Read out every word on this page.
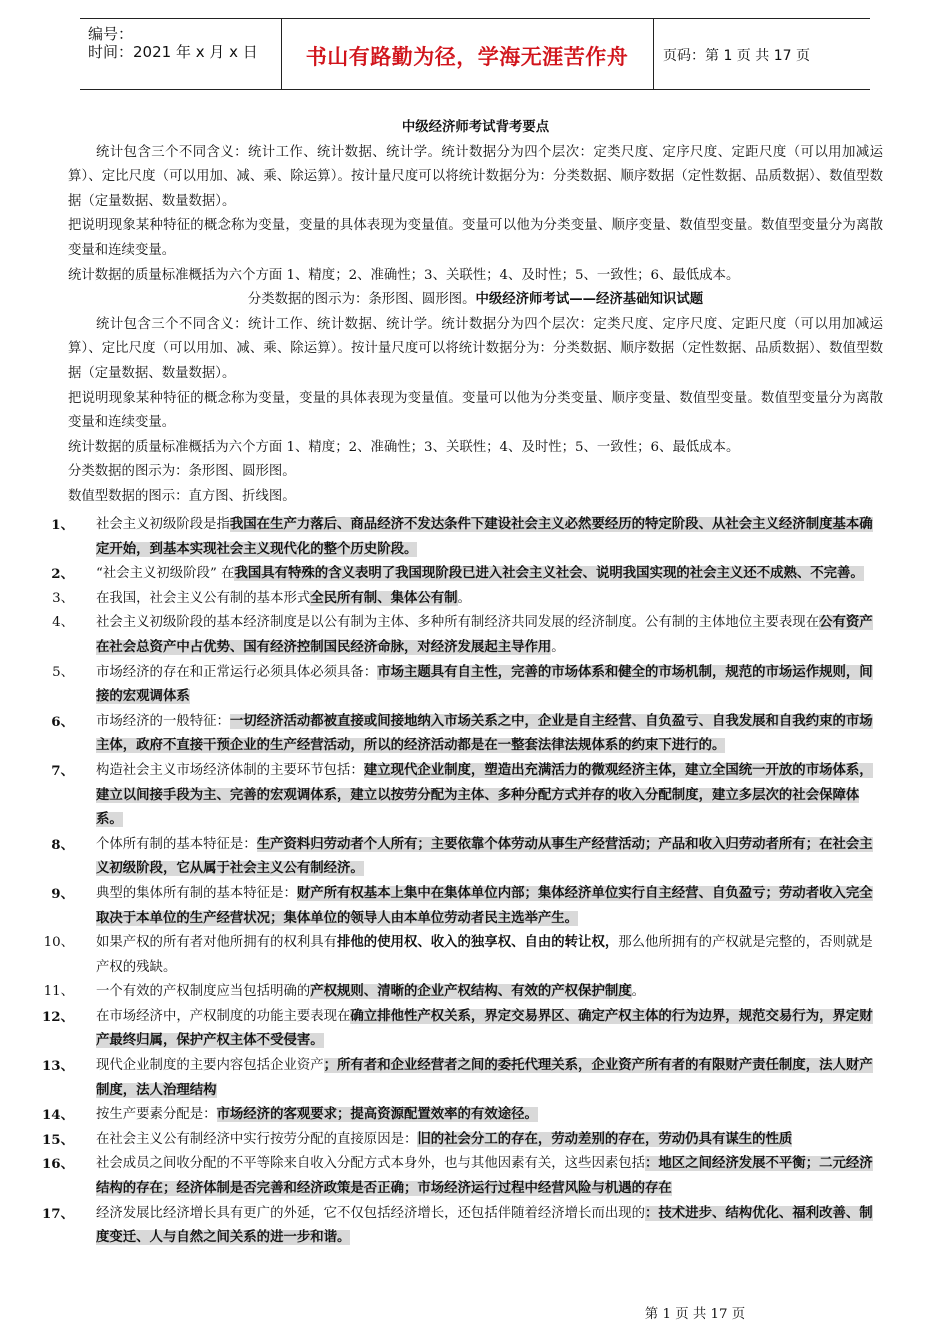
编号：
时间：2021 年 x 月 x 日	书山有路勤为径，学海无涯苦作舟	页码：第 1 页 共 17 页
中级经济师考试背考要点

统计包含三个不同含义：统计工作、统计数据、统计学。统计数据分为四个层次：定类尺度、定序尺度、定距尺度（可以用加减运算）、定比尺度（可以用加、减、乘、除运算）。按计量尺度可以将统计数据分为：分类数据、顺序数据（定性数据、品质数据）、数值型数据（定量数据、数量数据）。

把说明现象某种特征的概念称为变量，变量的具体表现为变量值。变量可以他为分类变量、顺序变量、数值型变量。数值型变量分为离散变量和连续变量。

统计数据的质量标准概括为六个方面 1、精度；2、准确性；3、关联性；4、及时性；5、一致性；6、最低成本。

分类数据的图示为：条形图、圆形图。中级经济师考试——经济基础知识试题

统计包含三个不同含义：统计工作、统计数据、统计学。统计数据分为四个层次：定类尺度、定序尺度、定距尺度（可以用加减运算）、定比尺度（可以用加、减、乘、除运算）。按计量尺度可以将统计数据分为：分类数据、顺序数据（定性数据、品质数据）、数值型数据（定量数据、数量数据）。

把说明现象某种特征的概念称为变量，变量的具体表现为变量值。变量可以他为分类变量、顺序变量、数值型变量。数值型变量分为离散变量和连续变量。

统计数据的质量标准概括为六个方面 1、精度；2、准确性；3、关联性；4、及时性；5、一致性；6、最低成本。

分类数据的图示为：条形图、圆形图。

数值型数据的图示：直方图、折线图。

1、 社会主义初级阶段是指我国在生产力落后、商品经济不发达条件下建设社会主义必然要经历的特定阶段、从社会主义经济制度基本确定开始，到基本实现社会主义现代化的整个历史阶段。
2、 “社会主义初级阶段” 在我国具有特殊的含义表明了我国现阶段已进入社会主义社会、说明我国实现的社会主义还不成熟、不完善。
3、 在我国，社会主义公有制的基本形式全民所有制、集体公有制。
4、 社会主义初级阶段的基本经济制度是以公有制为主体、多种所有制经济共同发展的经济制度。公有制的主体地位主要表现在公有资产在社会总资产中占优势、国有经济控制国民经济命脉，对经济发展起主导作用。
5、 市场经济的存在和正常运行必须具体必须具备：市场主题具有自主性，完善的市场体系和健全的市场机制，规范的市场运作规则，间接的宏观调体系
6、 市场经济的一般特征：一切经济活动都被直接或间接地纳入市场关系之中，企业是自主经营、自负盈亏、自我发展和自我约束的市场主体，政府不直接干预企业的生产经营活动，所以的经济活动都是在一整套法律法规体系的约束下进行的。
7、 构造社会主义市场经济体制的主要环节包括：建立现代企业制度，塑造出充满活力的微观经济主体，建立全国统一开放的市场体系，建立以间接手段为主、完善的宏观调体系，建立以按劳分配为主体、多种分配方式并存的收入分配制度，建立多层次的社会保障体系。
8、 个体所有制的基本特征是：生产资料归劳动者个人所有；主要依靠个体劳动从事生产经营活动；产品和收入归劳动者所有；在社会主义初级阶段，它从属于社会主义公有制经济。
9、 典型的集体所有制的基本特征是：财产所有权基本上集中在集体单位内部；集体经济单位实行自主经营、自负盈亏；劳动者收入完全取决于本单位的生产经营状况；集体单位的领导人由本单位劳动者民主选举产生。
10、 如果产权的所有者对他所拥有的权利具有排他的使用权、收入的独享权、自由的转让权，那么他所拥有的产权就是完整的，否则就是产权的残缺。
11、 一个有效的产权制度应当包括明确的产权规则、清晰的企业产权结构、有效的产权保护制度。
12、 在市场经济中，产权制度的功能主要表现在确立排他性产权关系，界定交易界区、确定产权主体的行为边界，规范交易行为，界定财产最终归属，保护产权主体不受侵害。
13、 现代企业制度的主要内容包括企业资产；所有者和企业经营者之间的委托代理关系，企业资产所有者的有限财产责任制度，法人财产制度，法人治理结构
14、 按生产要素分配是：市场经济的客观要求；提高资源配置效率的有效途径。
15、 在社会主义公有制经济中实行按劳分配的直接原因是：旧的社会分工的存在，劳动差别的存在，劳动仍具有谋生的性质
16、 社会成员之间收分配的不平等除来自收入分配方式本身外，也与其他因素有关，这些因素包括：地区之间经济发展不平衡；二元经济结构的存在；经济体制是否完善和经济政策是否正确；市场经济运行过程中经营风险与机遇的存在
17、 经济发展比经济增长具有更广的外延，它不仅包括经济增长，还包括伴随着经济增长而出现的：技术进步、结构优化、福利改善、制度变迁、人与自然之间关系的进一步和谐。
第 1 页 共 17 页
